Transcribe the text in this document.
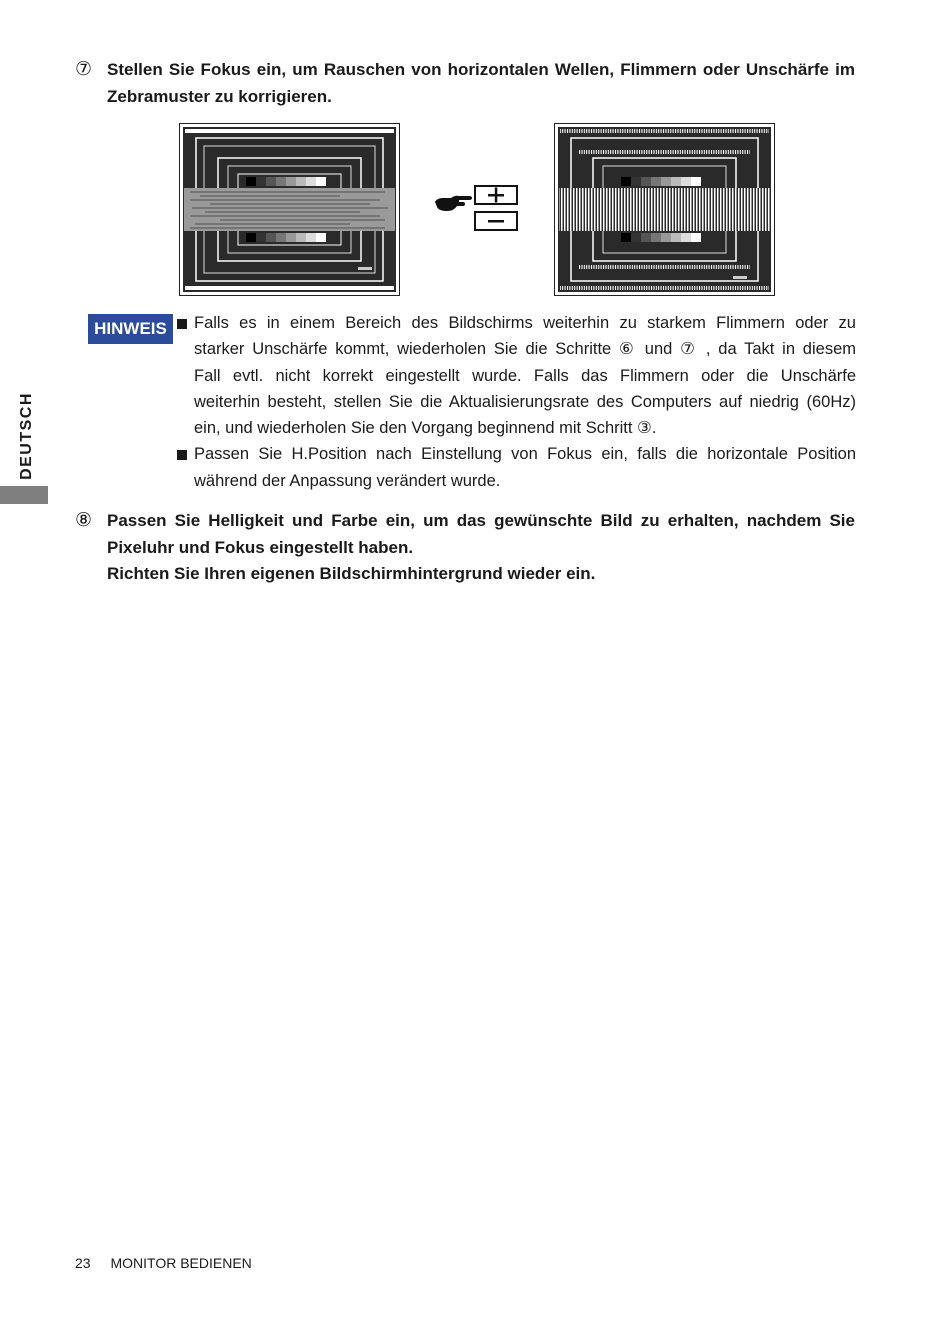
DEUTSCH
⑦ Stellen Sie Fokus ein, um Rauschen von horizontalen Wellen, Flimmern oder Unschärfe im
Zebramuster zu korrigieren.
HINWEIS	Falls es in einem Bereich des Bildschirms weiterhin zu starkem Flimmern oder zu
starker Unschärfe kommt, wiederholen Sie die Schritte ⑥ und ⑦ , da Takt in diesem
Fall evtl. nicht korrekt eingestellt wurde. Falls das Flimmern oder die Unschärfe
weiterhin besteht, stellen Sie die Aktualisierungsrate des Computers auf niedrig (60Hz)
ein, und wiederholen Sie den Vorgang beginnend mit Schritt ③.
Passen Sie H.Position nach Einstellung von Fokus ein, falls die horizontale Position
während der Anpassung verändert wurde.
⑧ Passen Sie Helligkeit und Farbe ein, um das gewünschte Bild zu erhalten, nachdem Sie
Pixeluhr und Fokus eingestellt haben.
Richten Sie Ihren eigenen Bildschirmhintergrund wieder ein.
23 MONITOR BEDIENEN
